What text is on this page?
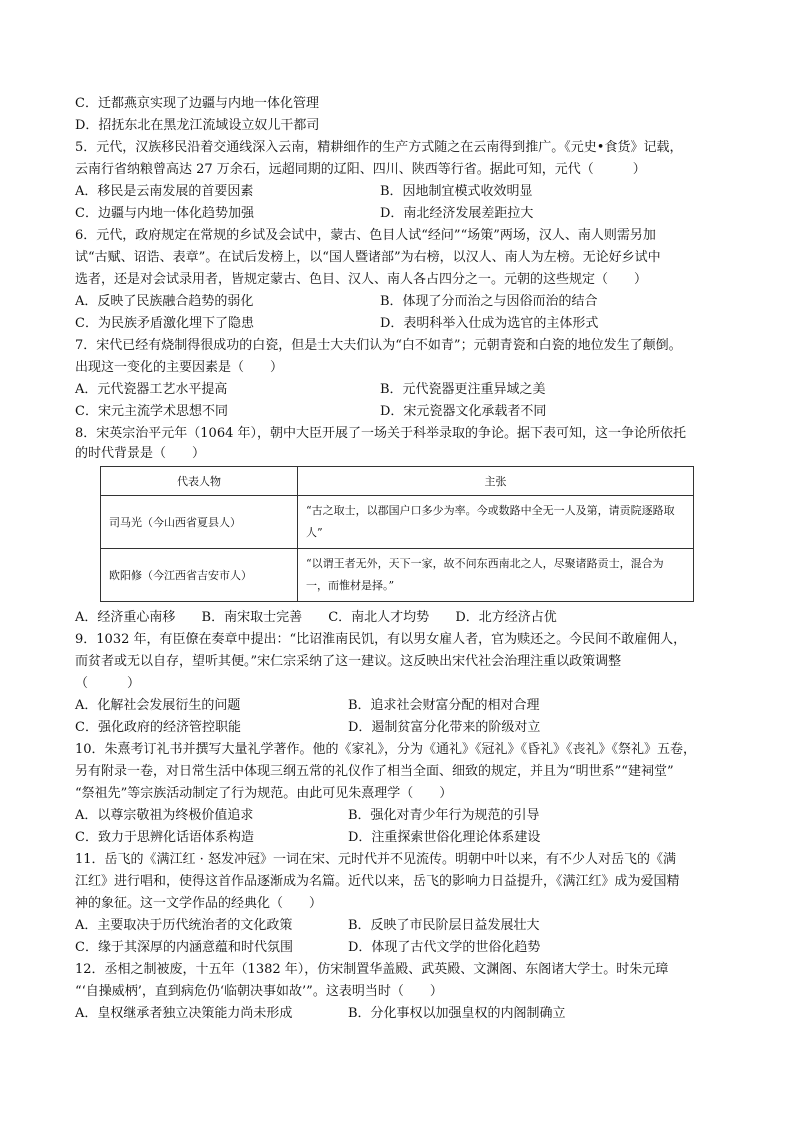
C．迁都燕京实现了边疆与内地一体化管理
D．招抚东北在黑龙江流域设立奴儿干都司
5．元代，汉族移民沿着交通线深入云南，精耕细作的生产方式随之在云南得到推广。《元史•食货》记载，
云南行省纳粮曾高达 27 万余石，远超同期的辽阳、四川、陕西等行省。据此可知，元代（　　　）
A．移民是云南发展的首要因素	B．因地制宜模式收效明显
C．边疆与内地一体化趋势加强	D．南北经济发展差距拉大
6．元代，政府规定在常规的乡试及会试中，蒙古、色目人试“经问”“场策”两场，汉人、南人则需另加
试“古赋、诏诰、表章”。在试后发榜上，以“国人暨诸部”为右榜，以汉人、南人为左榜。无论好乡试中
选者，还是对会试录用者，皆规定蒙古、色目、汉人、南人各占四分之一。元朝的这些规定（　　）
A．反映了民族融合趋势的弱化	B．体现了分而治之与因俗而治的结合
C．为民族矛盾激化埋下了隐患	D．表明科举入仕成为选官的主体形式
7．宋代已经有烧制得很成功的白瓷，但是士大夫们认为“白不如青”；元朝青瓷和白瓷的地位发生了颠倒。
出现这一变化的主要因素是（　　）
A．元代瓷器工艺水平提高	B．元代瓷器更注重异域之美
C．宋元主流学术思想不同	D．宋元瓷器文化承载者不同
8．宋英宗治平元年（1064 年），朝中大臣开展了一场关于科举录取的争论。据下表可知，这一争论所依托
的时代背景是（　　）
代表人物	主张
司马光（今山西省夏县人）	“古之取士，以郡国户口多少为率。今或数路中全无一人及第，请贡院逐路取人”
欧阳修（今江西省吉安市人）	“以谓王者无外，天下一家，故不问东西南北之人，尽聚诸路贡士，混合为一，而惟材是择。”
A．经济重心南移 B．南宋取士完善 C．南北人才均势 D．北方经济占优
9．1032 年，有臣僚在奏章中提出：“比诏淮南民饥，有以男女雇人者，官为赎还之。今民间不敢雇佣人，
而贫者或无以自存，望听其便。”宋仁宗采纳了这一建议。这反映出宋代社会治理注重以政策调整
（　　　）
A．化解社会发展衍生的问题	B．追求社会财富分配的相对合理
C．强化政府的经济管控职能	D．遏制贫富分化带来的阶级对立
10．朱熹考订礼书并撰写大量礼学著作。他的《家礼》，分为《通礼》《冠礼》《昏礼》《丧礼》《祭礼》五卷，
另有附录一卷，对日常生活中体现三纲五常的礼仪作了相当全面、细致的规定，并且为“明世系”“建祠堂”
“祭祖先”等宗族活动制定了行为规范。由此可见朱熹理学（　　）
A．以尊宗敬祖为终极价值追求	B．强化对青少年行为规范的引导
C．致力于思辨化话语体系构造	D．注重探索世俗化理论体系建设
11．岳飞的《满江红 · 怒发冲冠》一词在宋、元时代并不见流传。明朝中叶以来，有不少人对岳飞的《满
江红》进行唱和，使得这首作品逐渐成为名篇。近代以来，岳飞的影响力日益提升，《满江红》成为爱国精
神的象征。这一文学作品的经典化（　　）
A．主要取决于历代统治者的文化政策	B．反映了市民阶层日益发展壮大
C．缘于其深厚的内涵意蕴和时代氛围	D．体现了古代文学的世俗化趋势
12．丞相之制被废，十五年（1382 年），仿宋制置华盖殿、武英殿、文渊阁、东阁诸大学士。时朱元璋
“‘自操威柄’，直到病危仍‘临朝决事如故’”。这表明当时（　　）
A．皇权继承者独立决策能力尚未形成	B．分化事权以加强皇权的内阁制确立
